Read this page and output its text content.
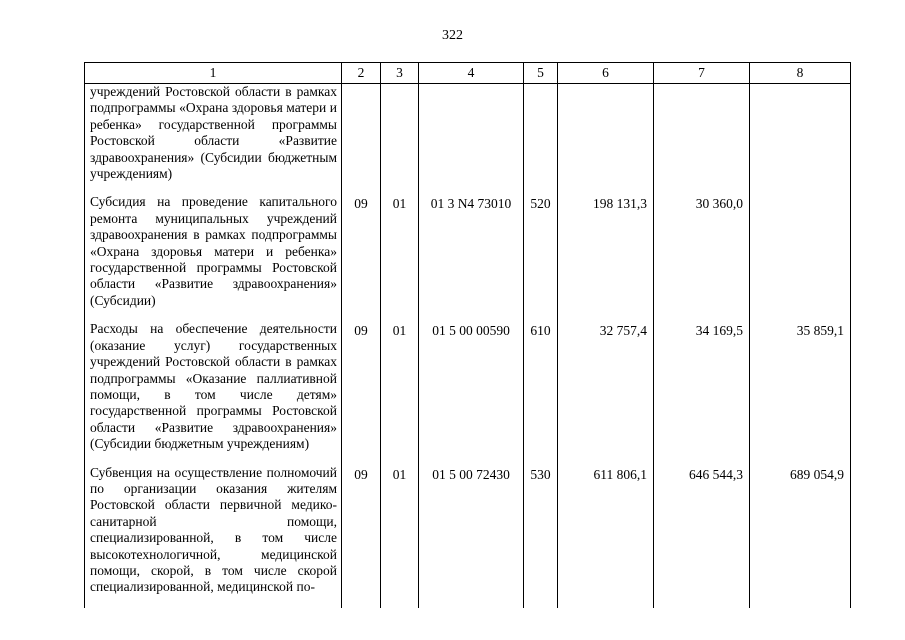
322
1	2	3	4	5	6	7	8
учреждений Ростовской области в рамках подпрограммы «Охрана здоровья матери и ребенка» государственной программы Ростовской области «Развитие здравоохранения» (Субсидии бюджетным учреждениям)							
Субсидия на проведение капитального ремонта муниципальных учреждений здравоохранения в рамках подпрограммы «Охрана здоровья матери и ребенка» государственной программы Ростовской области «Развитие здравоохранения» (Субсидии)	09	01	01 3 N4 73010	520	198 131,3	30 360,0	
Расходы на обеспечение деятельности (оказание услуг) государственных учреждений Ростовской области в рамках подпрограммы «Оказание паллиативной помощи, в том числе детям» государственной программы Ростовской области «Развитие здравоохранения» (Субсидии бюджетным учреждениям)	09	01	01 5 00 00590	610	32 757,4	34 169,5	35 859,1
Субвенция на осуществление полномочий по организации оказания жителям Ростовской области первичной медико-санитарной помощи, специализированной, в том числе высокотехнологичной, медицинской помощи, скорой, в том числе скорой специализированной, медицинской по-	09	01	01 5 00 72430	530	611 806,1	646 544,3	689 054,9
